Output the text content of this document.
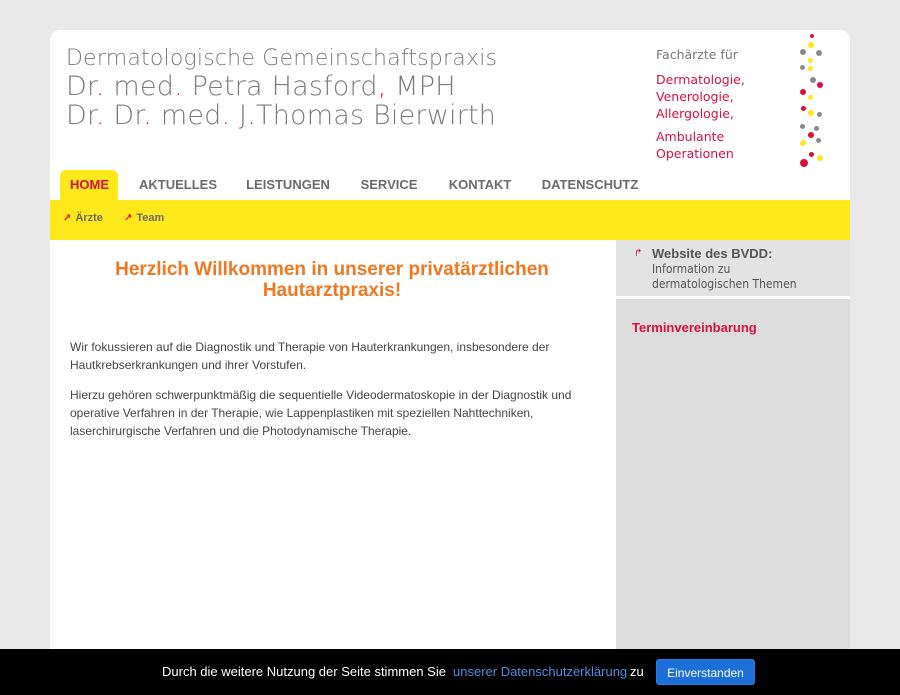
Dermatologische Gemeinschaftspraxis
Dr. med. Petra Hasford, MPH
Dr. Dr. med. J.Thomas Bierwirth
Fachärzte für
Dermatologie,
Venerologie,
Allergologie,
Ambulante
Operationen
HOME	AKTUELLES	LEISTUNGEN	SERVICE	KONTAKT	DATENSCHUTZ
↗ Ärzte ↗ Team
Herzlich Willkommen in unserer privatärztlichen Hautarztpraxis!

Wir fokussieren auf die Diagnostik und Therapie von Hauterkrankungen, insbesondere der Hautkrebserkrankungen und ihrer Vorstufen.

Hierzu gehören schwerpunktmäßig die sequentielle Videodermatoskopie in der Diagnostik und operative Verfahren in der Therapie, wie Lappenplastiken mit speziellen Nahttechniken, laserchirurgische Verfahren und die Photodynamische Therapie.

↱ Website des BVDD:
Information zu
dermatologischen Themen
Terminvereinbarung
Durch die weitere Nutzung der Seite stimmen Sie unserer Datenschutzerklärung zu	Einverstanden
